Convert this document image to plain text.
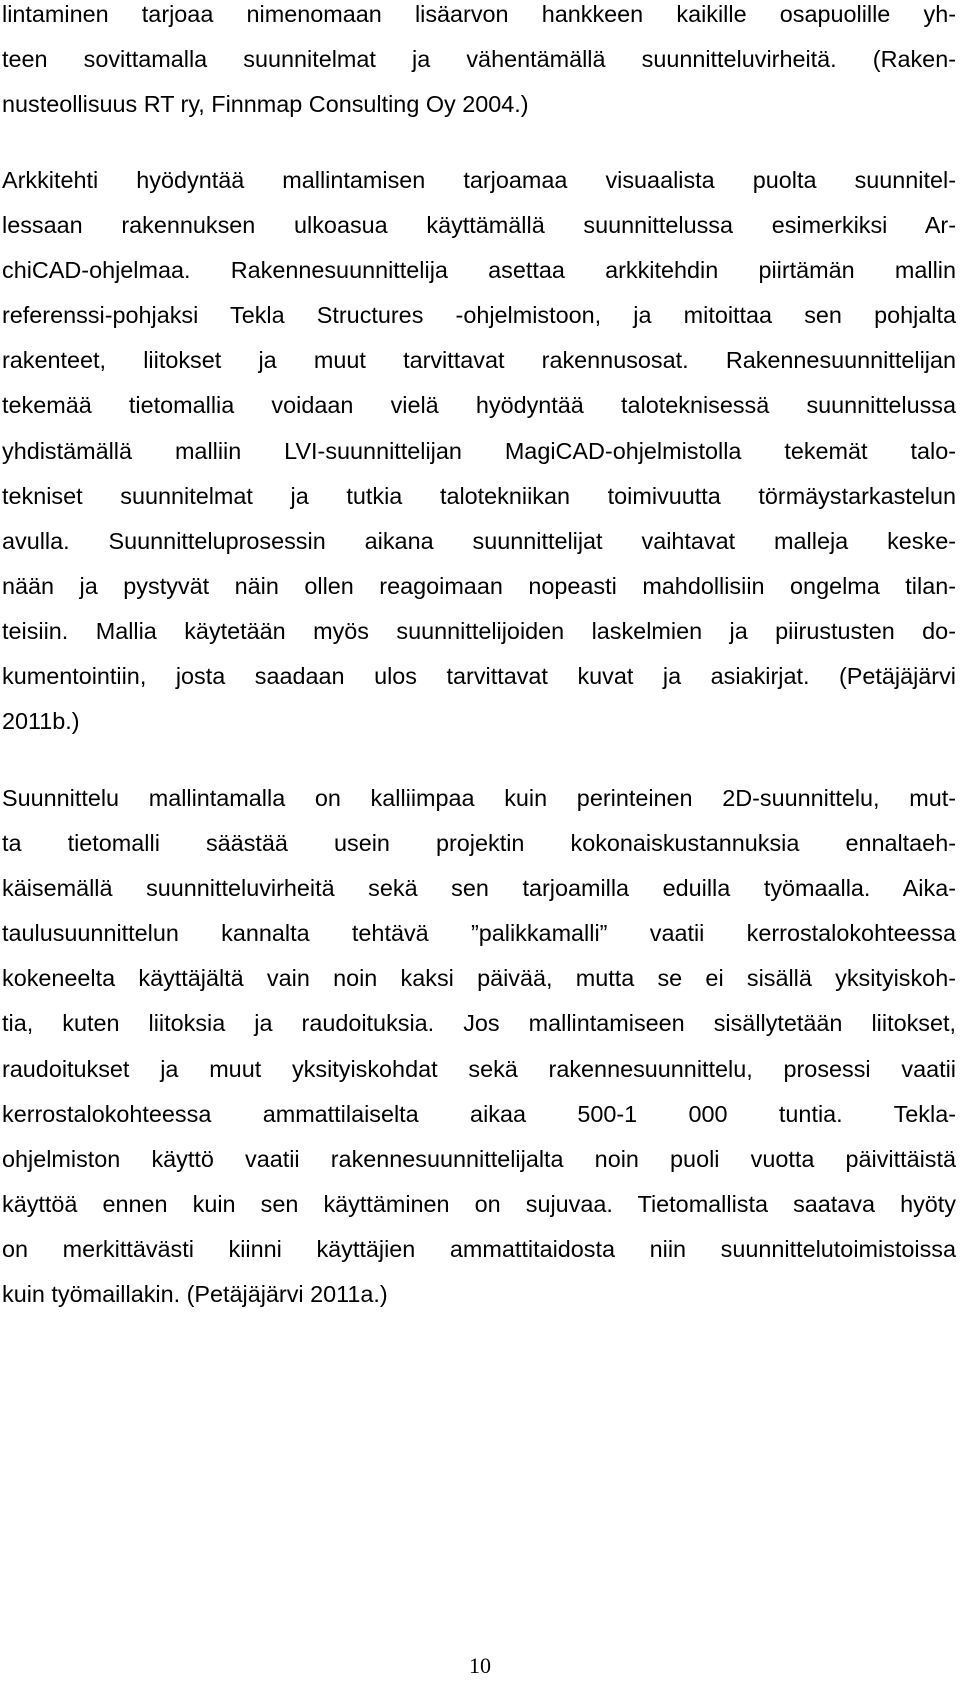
lintaminen tarjoaa nimenomaan lisäarvon hankkeen kaikille osapuolille yh-
teen sovittamalla suunnitelmat ja vähentämällä suunnitteluvirheitä. (Raken-
nusteollisuus RT ry, Finnmap Consulting Oy 2004.)
Arkkitehti hyödyntää mallintamisen tarjoamaa visuaalista puolta suunnitel-
lessaan rakennuksen ulkoasua käyttämällä suunnittelussa esimerkiksi Ar-
chiCAD-ohjelmaa. Rakennesuunnittelija asettaa arkkitehdin piirtämän mallin
referenssi-pohjaksi Tekla Structures -ohjelmistoon, ja mitoittaa sen pohjalta
rakenteet, liitokset ja muut tarvittavat rakennusosat. Rakennesuunnittelijan
tekemää tietomallia voidaan vielä hyödyntää taloteknisessä suunnittelussa
yhdistämällä malliin LVI-suunnittelijan MagiCAD-ohjelmistolla tekemät talo-
tekniset suunnitelmat ja tutkia talotekniikan toimivuutta törmäystarkastelun
avulla. Suunnitteluprosessin aikana suunnittelijat vaihtavat malleja keske-
nään ja pystyvät näin ollen reagoimaan nopeasti mahdollisiin ongelma tilan-
teisiin. Mallia käytetään myös suunnittelijoiden laskelmien ja piirustusten do-
kumentointiin, josta saadaan ulos tarvittavat kuvat ja asiakirjat. (Petäjäjärvi
2011b.)
Suunnittelu mallintamalla on kalliimpaa kuin perinteinen 2D-suunnittelu, mut-
ta tietomalli säästää usein projektin kokonaiskustannuksia ennaltaeh-
käisemällä suunnitteluvirheitä sekä sen tarjoamilla eduilla työmaalla. Aika-
taulusuunnittelun kannalta tehtävä ”palikkamalli” vaatii kerrostalokohteessa
kokeneelta käyttäjältä vain noin kaksi päivää, mutta se ei sisällä yksityiskoh-
tia, kuten liitoksia ja raudoituksia. Jos mallintamiseen sisällytetään liitokset,
raudoitukset ja muut yksityiskohdat sekä rakennesuunnittelu, prosessi vaatii
kerrostalokohteessa ammattilaiselta aikaa 500-1 000 tuntia. Tekla-
ohjelmiston käyttö vaatii rakennesuunnittelijalta noin puoli vuotta päivittäistä
käyttöä ennen kuin sen käyttäminen on sujuvaa. Tietomallista saatava hyöty
on merkittävästi kiinni käyttäjien ammattitaidosta niin suunnittelutoimistoissa
kuin työmaillakin. (Petäjäjärvi 2011a.)
10
